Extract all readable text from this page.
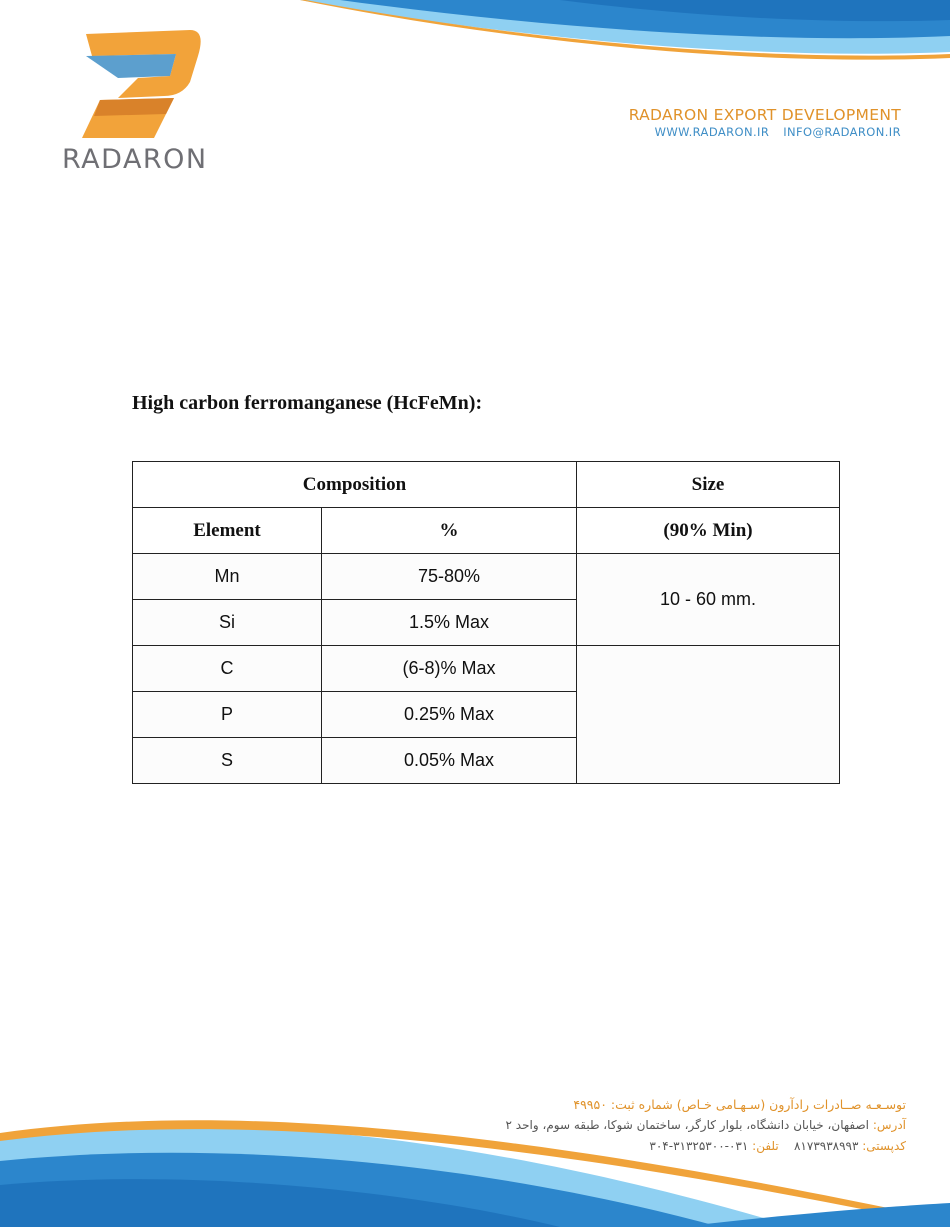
RADARON
RADARON EXPORT DEVELOPMENT
WWW.RADARON.IR INFO@RADARON.IR
High carbon ferromanganese (HcFeMn):
Composition		Size
Element	%	(90% Min)
Mn	75-80%	10 - 60 mm.
Si	1.5% Max	
C	(6-8)% Max	
P	0.25% Max	
S	0.05% Max	
توسـعـه صــادرات رادآرون (سـهـامی خـاص) شماره ثبت: ۴۹۹۵۰
آدرس: اصفهان، خیابان دانشگاه، بلوار کارگر، ساختمان شوکا، طبقه سوم، واحد ۲
کدپستی: ۸۱۷۳۹۳۸۹۹۳    تلفن: ۰۳۱-۳۱۳۲۵۳۰۰-۳۰۴
